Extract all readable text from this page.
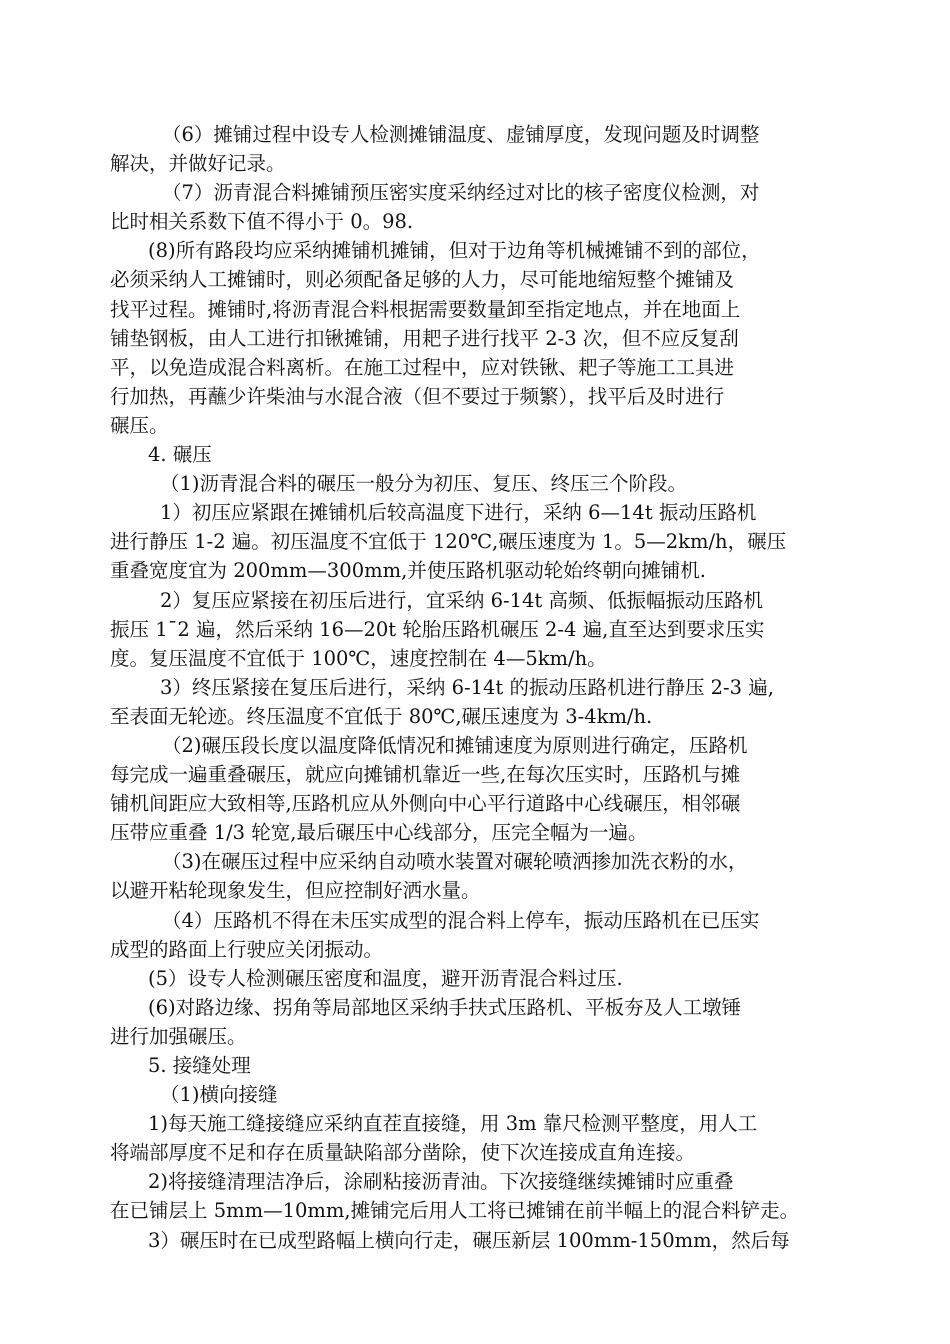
（6）摊铺过程中设专人检测摊铺温度、虚铺厚度，发现问题及时调整
解决，并做好记录。
（7）沥青混合料摊铺预压密实度采纳经过对比的核子密度仪检测，对
比时相关系数下值不得小于 0。98.
(8)所有路段均应采纳摊铺机摊铺，但对于边角等机械摊铺不到的部位，
必须采纳人工摊铺时，则必须配备足够的人力，尽可能地缩短整个摊铺及
找平过程。摊铺时,将沥青混合料根据需要数量卸至指定地点，并在地面上
铺垫钢板，由人工进行扣锹摊铺，用耙子进行找平 2-3 次，但不应反复刮
平，以免造成混合料离析。在施工过程中，应对铁锹、耙子等施工工具进
行加热，再蘸少许柴油与水混合液（但不要过于频繁），找平后及时进行
碾压。
4. 碾压
（1)沥青混合料的碾压一般分为初压、复压、终压三个阶段。
1）初压应紧跟在摊铺机后较高温度下进行，采纳 6—14t 振动压路机
进行静压 1-2 遍。初压温度不宜低于 120℃,碾压速度为 1。5—2km/h，碾压
重叠宽度宜为 200mm—300mm,并使压路机驱动轮始终朝向摊铺机.
2）复压应紧接在初压后进行，宜采纳 6-14t 高频、低振幅振动压路机
振压 1¯2 遍，然后采纳 16—20t 轮胎压路机碾压 2-4 遍,直至达到要求压实
度。复压温度不宜低于 100℃，速度控制在 4—5km/h。
3）终压紧接在复压后进行，采纳 6-14t 的振动压路机进行静压 2-3 遍,
至表面无轮迹。终压温度不宜低于 80℃,碾压速度为 3-4km/h.
（2)碾压段长度以温度降低情况和摊铺速度为原则进行确定，压路机
每完成一遍重叠碾压，就应向摊铺机靠近一些,在每次压实时，压路机与摊
铺机间距应大致相等,压路机应从外侧向中心平行道路中心线碾压，相邻碾
压带应重叠 1/3 轮宽,最后碾压中心线部分，压完全幅为一遍。
（3)在碾压过程中应采纳自动喷水装置对碾轮喷洒掺加洗衣粉的水，
以避开粘轮现象发生，但应控制好洒水量。
（4）压路机不得在未压实成型的混合料上停车，振动压路机在已压实
成型的路面上行驶应关闭振动。
(5）设专人检测碾压密度和温度，避开沥青混合料过压.
(6)对路边缘、拐角等局部地区采纳手扶式压路机、平板夯及人工墩锤
进行加强碾压。
5. 接缝处理
（1)横向接缝
1)每天施工缝接缝应采纳直茬直接缝，用 3m 靠尺检测平整度，用人工
将端部厚度不足和存在质量缺陷部分凿除，使下次连接成直角连接。
2)将接缝清理洁净后，涂刷粘接沥青油。下次接缝继续摊铺时应重叠
在已铺层上 5mm—10mm,摊铺完后用人工将已摊铺在前半幅上的混合料铲走。
3）碾压时在已成型路幅上横向行走，碾压新层 100mm-150mm，然后每
